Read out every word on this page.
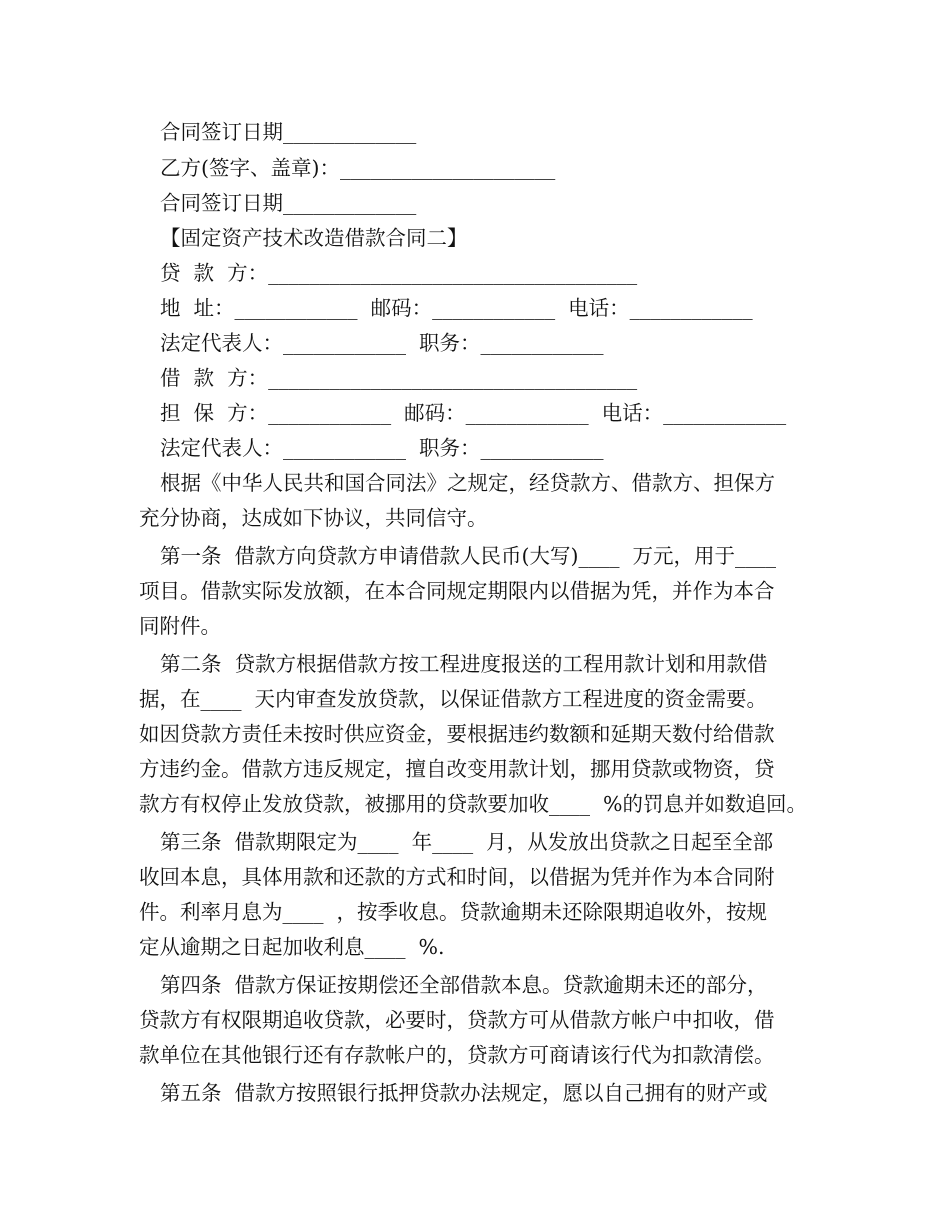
合同签订日期_____________
乙方(签字、盖章)：_____________________
合同签订日期_____________
【固定资产技术改造借款合同二】
贷  款  方：____________________________________
地  址：____________  邮码：____________  电话：____________
法定代表人：____________  职务：____________
借  款  方：____________________________________
担  保  方：____________  邮码：____________  电话：____________
法定代表人：____________  职务：____________
根据《中华人民共和国合同法》之规定，经贷款方、借款方、担保方
充分协商，达成如下协议，共同信守。
第一条  借款方向贷款方申请借款人民币(大写)____  万元，用于____
项目。借款实际发放额，在本合同规定期限内以借据为凭，并作为本合
同附件。
第二条  贷款方根据借款方按工程进度报送的工程用款计划和用款借
据，在____  天内审查发放贷款，以保证借款方工程进度的资金需要。
如因贷款方责任未按时供应资金，要根据违约数额和延期天数付给借款
方违约金。借款方违反规定，擅自改变用款计划，挪用贷款或物资，贷
款方有权停止发放贷款，被挪用的贷款要加收____  %的罚息并如数追回。
第三条  借款期限定为____  年____  月，从发放出贷款之日起至全部
收回本息，具体用款和还款的方式和时间，以借据为凭并作为本合同附
件。利率月息为____  ，按季收息。贷款逾期未还除限期追收外，按规
定从逾期之日起加收利息____  %.
第四条  借款方保证按期偿还全部借款本息。贷款逾期未还的部分，
贷款方有权限期追收贷款，必要时，贷款方可从借款方帐户中扣收，借
款单位在其他银行还有存款帐户的，贷款方可商请该行代为扣款清偿。
第五条  借款方按照银行抵押贷款办法规定，愿以自己拥有的财产或
